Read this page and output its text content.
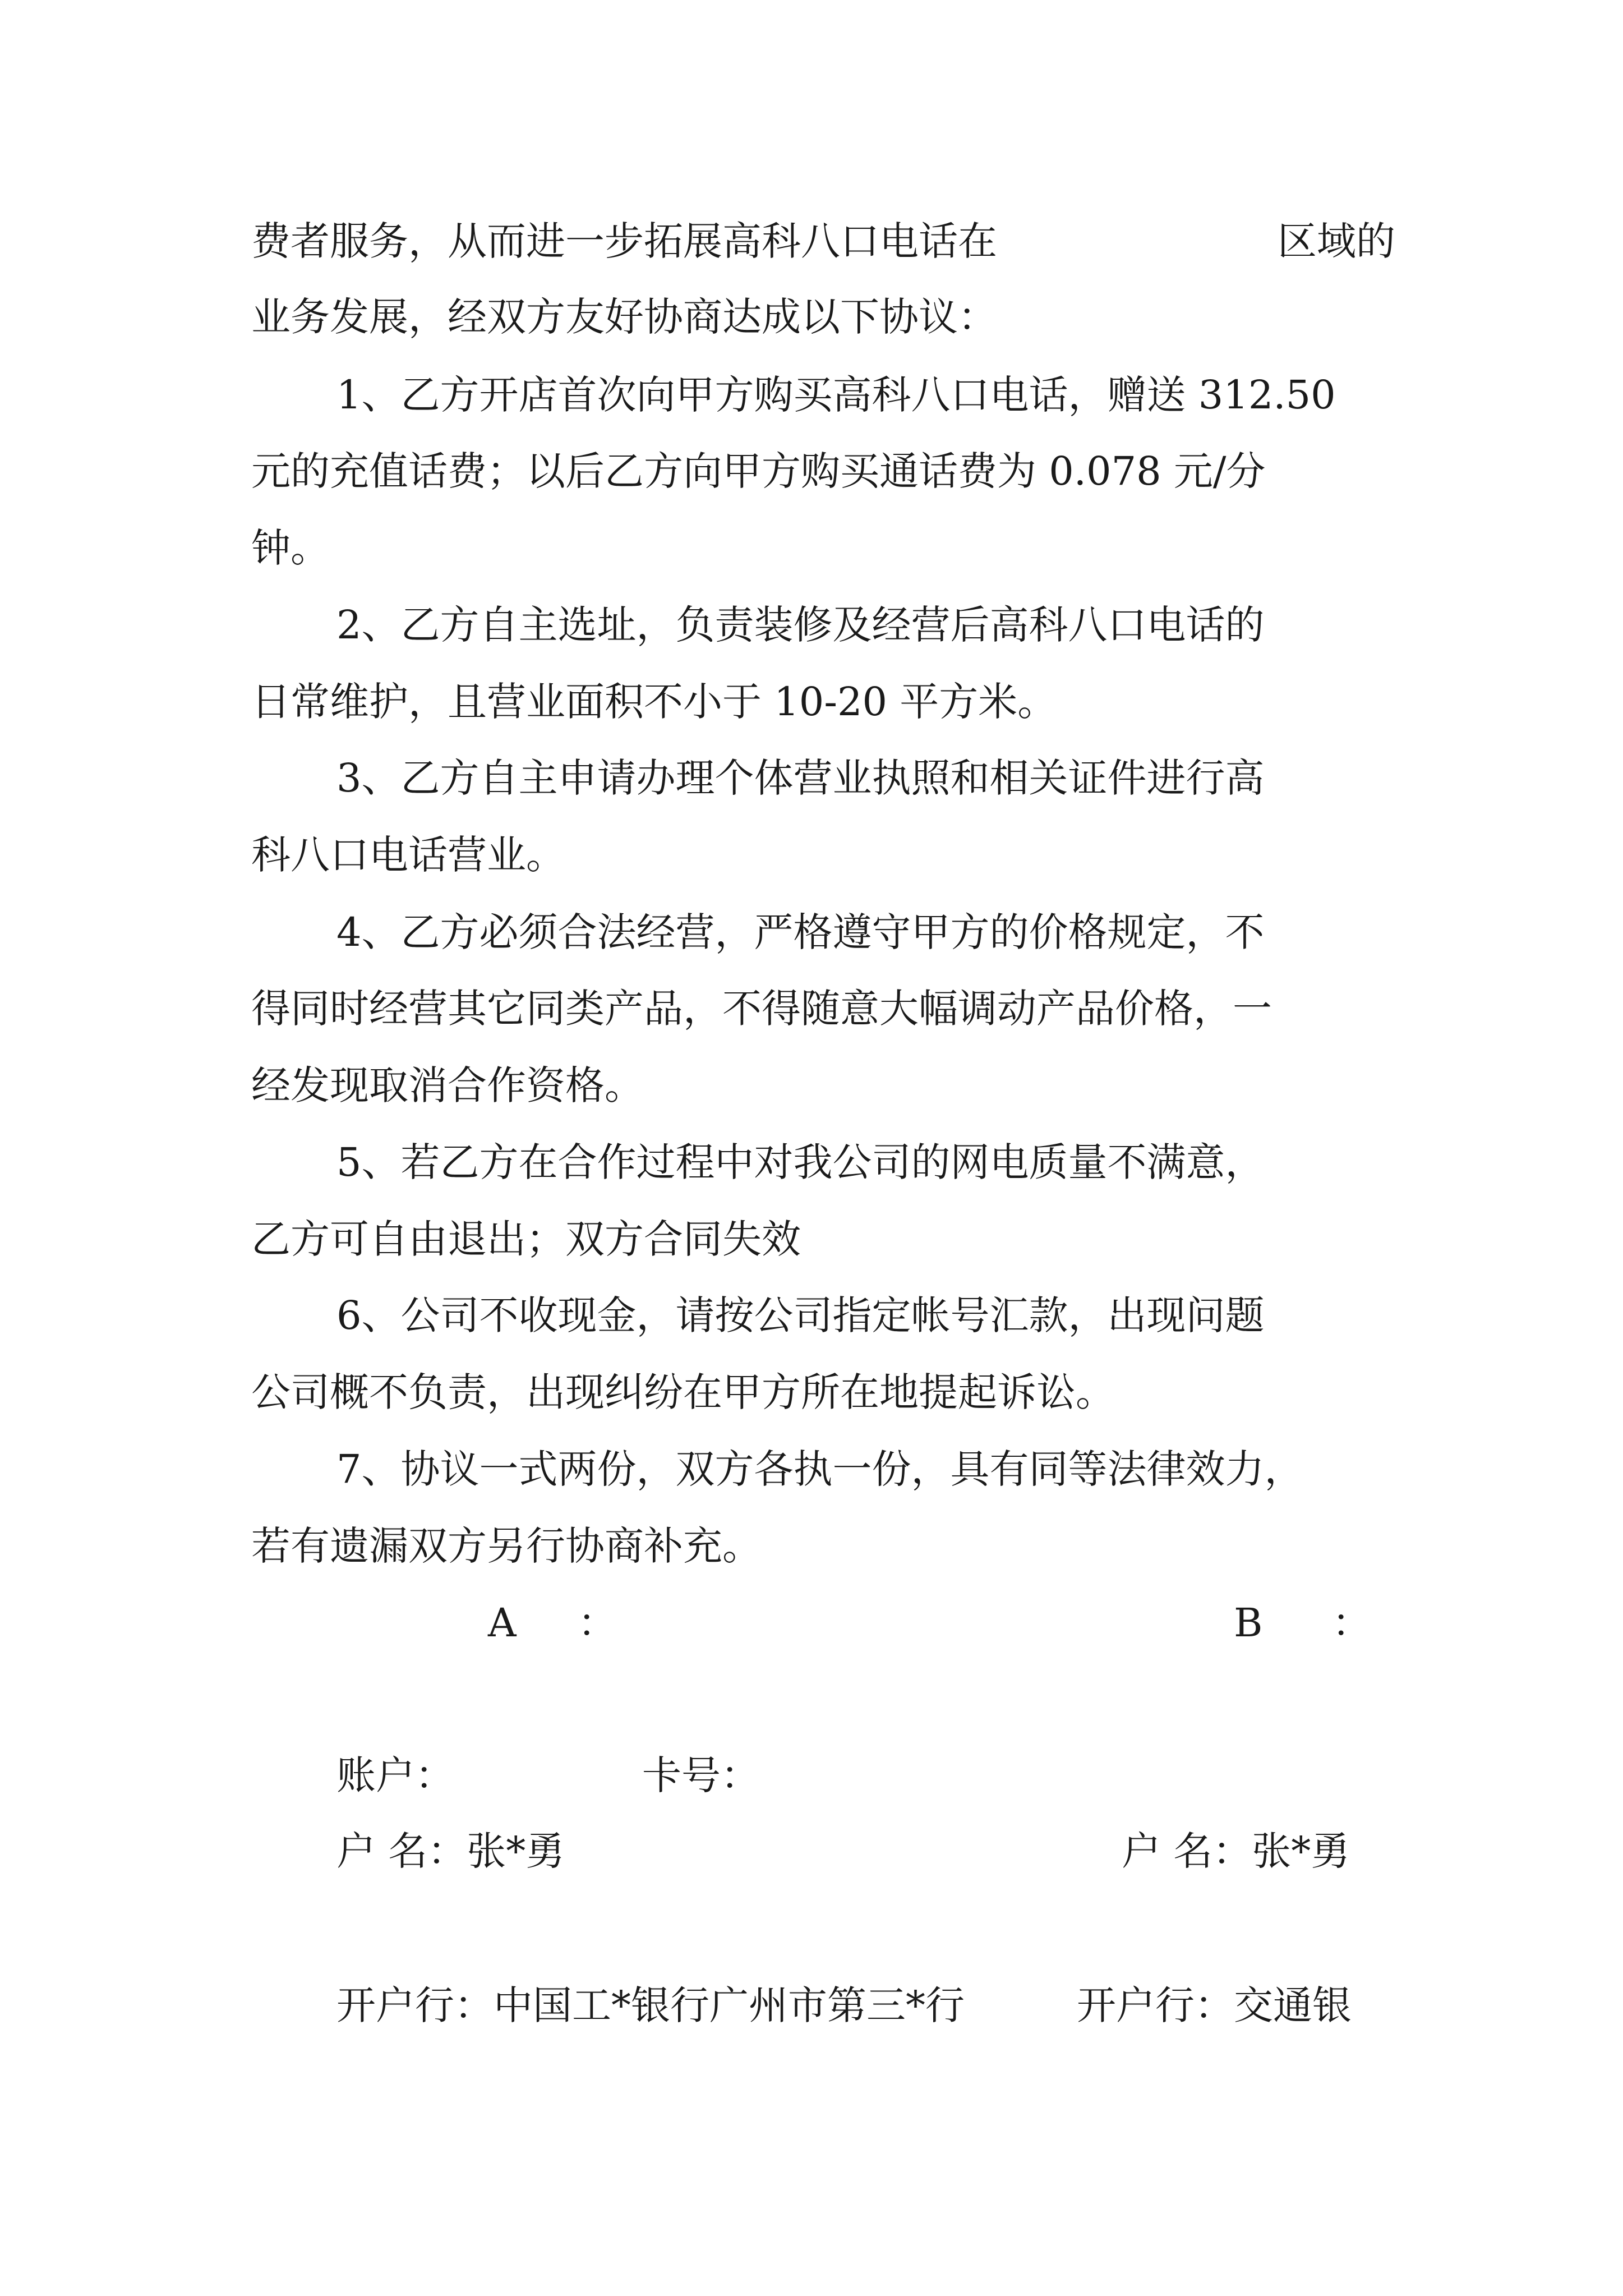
费者服务，从而进一步拓展高科八口电话在	区域的
业务发展，经双方友好协商达成以下协议：
1、乙方开店首次向甲方购买高科八口电话，赠送 312.50
元的充值话费；以后乙方向甲方购买通话费为 0.078 元/分
钟。
2、乙方自主选址，负责装修及经营后高科八口电话的
日常维护，且营业面积不小于 10-20 平方米。
3、乙方自主申请办理个体营业执照和相关证件进行高
科八口电话营业。
4、乙方必须合法经营，严格遵守甲方的价格规定，不
得同时经营其它同类产品，不得随意大幅调动产品价格，一
经发现取消合作资格。
5、若乙方在合作过程中对我公司的网电质量不满意，
乙方可自由退出；双方合同失效
6、公司不收现金，请按公司指定帐号汇款，出现问题
公司概不负责，出现纠纷在甲方所在地提起诉讼。
7、协议一式两份，双方各执一份，具有同等法律效力，
若有遗漏双方另行协商补充。
A ：	B ：
账户：	卡号：
户 名：张*勇	户 名：张*勇
开户行：中国工*银行广州市第三*行	开户行：交通银
